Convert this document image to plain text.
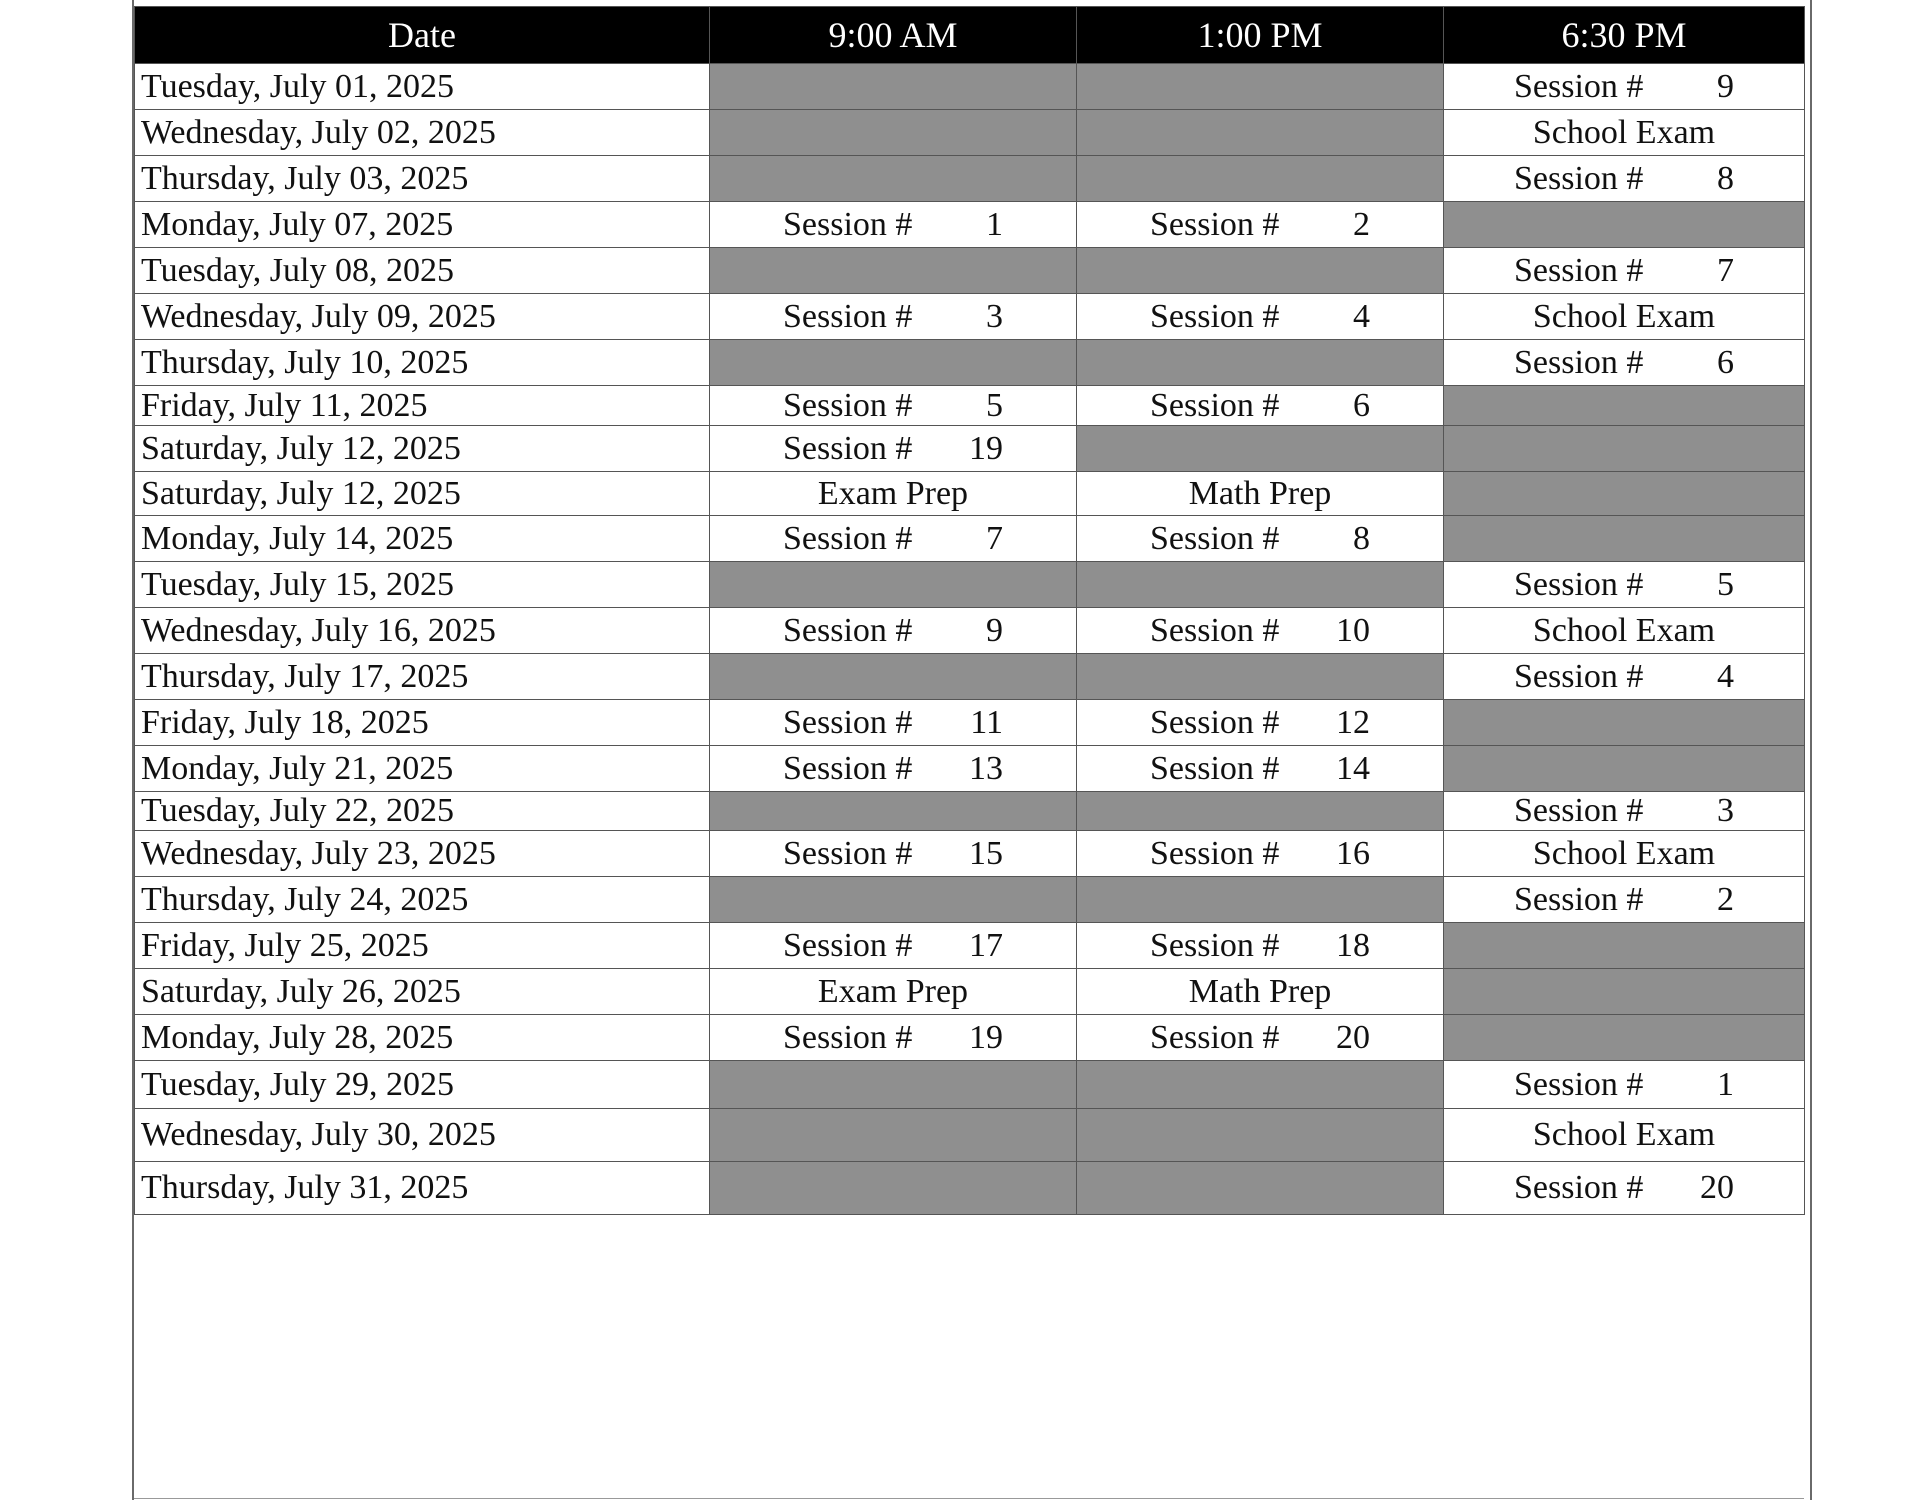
Date	9:00 AM	1:00 PM	6:30 PM
Tuesday, July 01, 2025			Session # 9
Wednesday, July 02, 2025			School Exam
Thursday, July 03, 2025			Session # 8
Monday, July 07, 2025	Session # 1	Session # 2	
Tuesday, July 08, 2025			Session # 7
Wednesday, July 09, 2025	Session # 3	Session # 4	School Exam
Thursday, July 10, 2025			Session # 6
Friday, July 11, 2025	Session # 5	Session # 6	
Saturday, July 12, 2025	Session # 19		
Saturday, July 12, 2025	Exam Prep	Math Prep	
Monday, July 14, 2025	Session # 7	Session # 8	
Tuesday, July 15, 2025			Session # 5
Wednesday, July 16, 2025	Session # 9	Session # 10	School Exam
Thursday, July 17, 2025			Session # 4
Friday, July 18, 2025	Session # 11	Session # 12	
Monday, July 21, 2025	Session # 13	Session # 14	
Tuesday, July 22, 2025			Session # 3
Wednesday, July 23, 2025	Session # 15	Session # 16	School Exam
Thursday, July 24, 2025			Session # 2
Friday, July 25, 2025	Session # 17	Session # 18	
Saturday, July 26, 2025	Exam Prep	Math Prep	
Monday, July 28, 2025	Session # 19	Session # 20	
Tuesday, July 29, 2025			Session # 1
Wednesday, July 30, 2025			School Exam
Thursday, July 31, 2025			Session # 20
